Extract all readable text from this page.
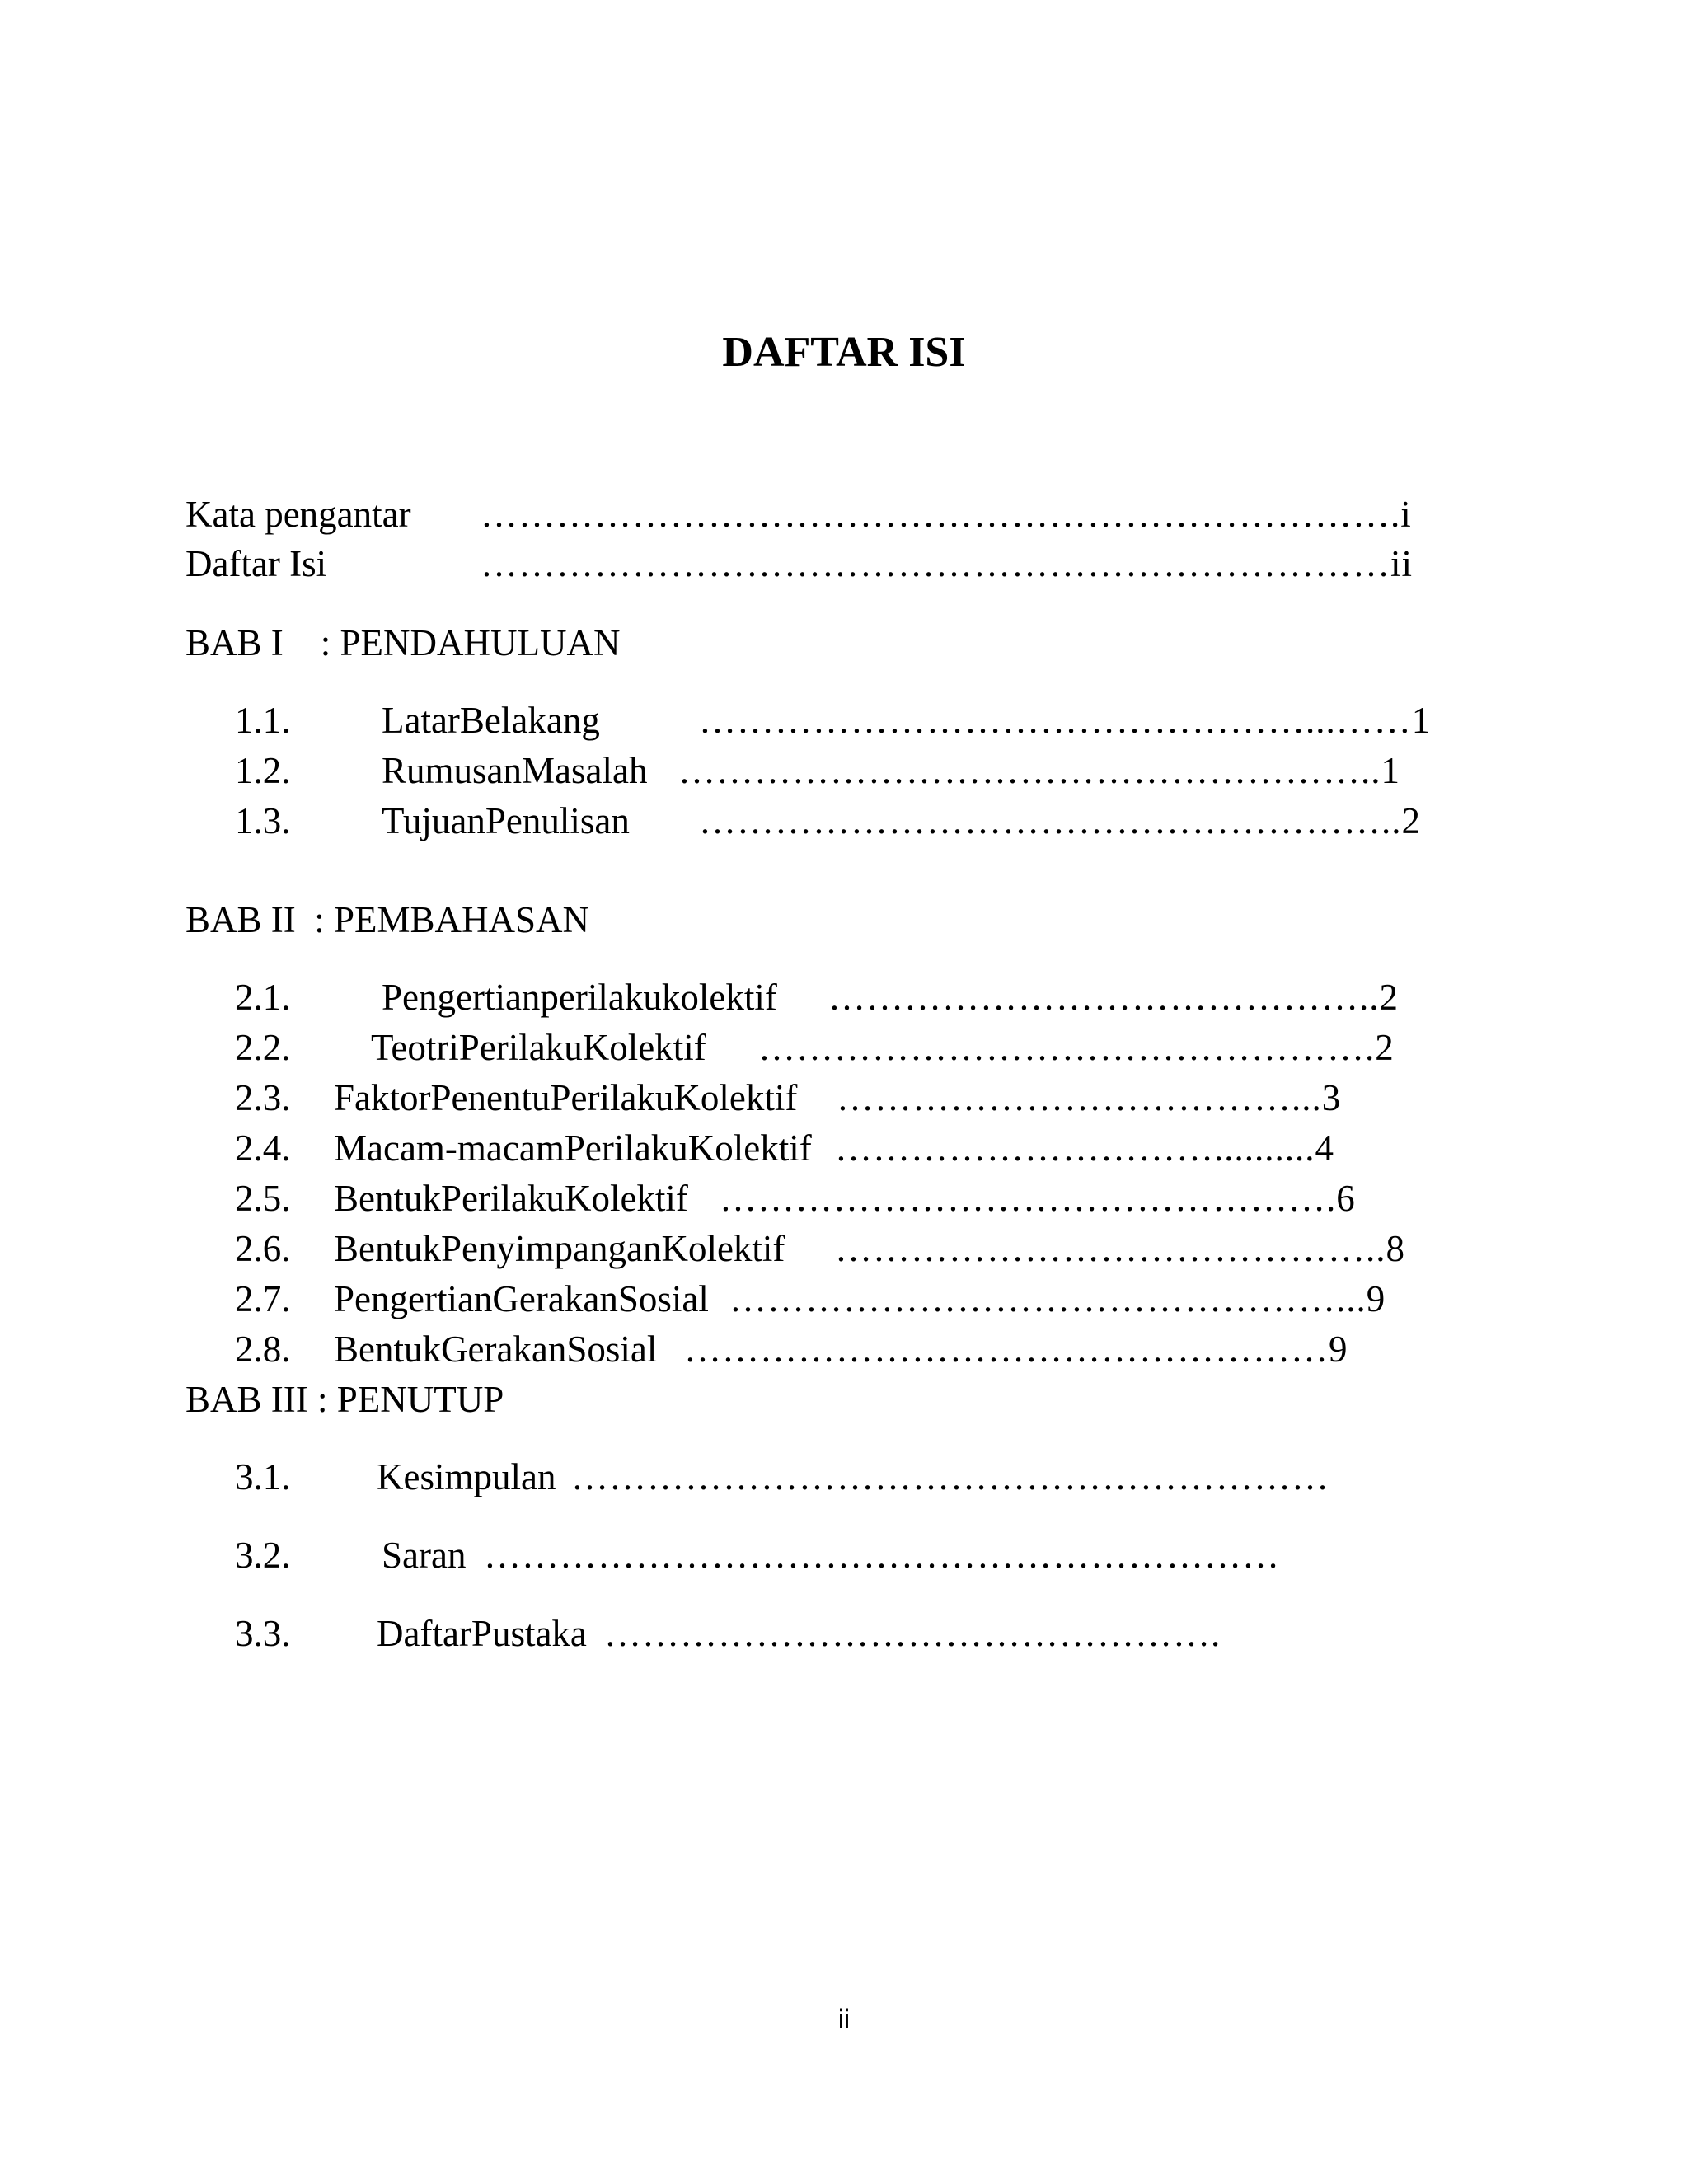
DAFTAR ISI
Kata pengantar ……………………………………………………………….i
Daftar Isi	………………………………………………………………ii
BAB I    : PENDAHULUAN
1.1. LatarBelakang	…………………………………………...……1
1.2. RumusanMasalah ………………………………………………..1
1.3. TujuanPenulisan ………………………………………………..2
BAB II  : PEMBAHASAN
2.1. Pengertianperilakukolektif ……………………………………..2
2.2. TeotriPerilakuKolektif ………………………………………….2
2.3. FaktorPenentuPerilakuKolektif ………………………………...3
2.4. Macam-macamPerilakuKolektif …………………………..........4
2.5. BentukPerilakuKolektif ………………………………………….6
2.6. BentukPenyimpanganKolektif ……………………………………..8
2.7. PengertianGerakanSosial …………………………………………...9
2.8. BentukGerakanSosial ……………………………………………9
BAB III : PENUTUP
3.1. Kesimpulan ……………………………………………………
3.2. Saran ………………………………………………………
3.3. DaftarPustaka ………………………………………….
ii
